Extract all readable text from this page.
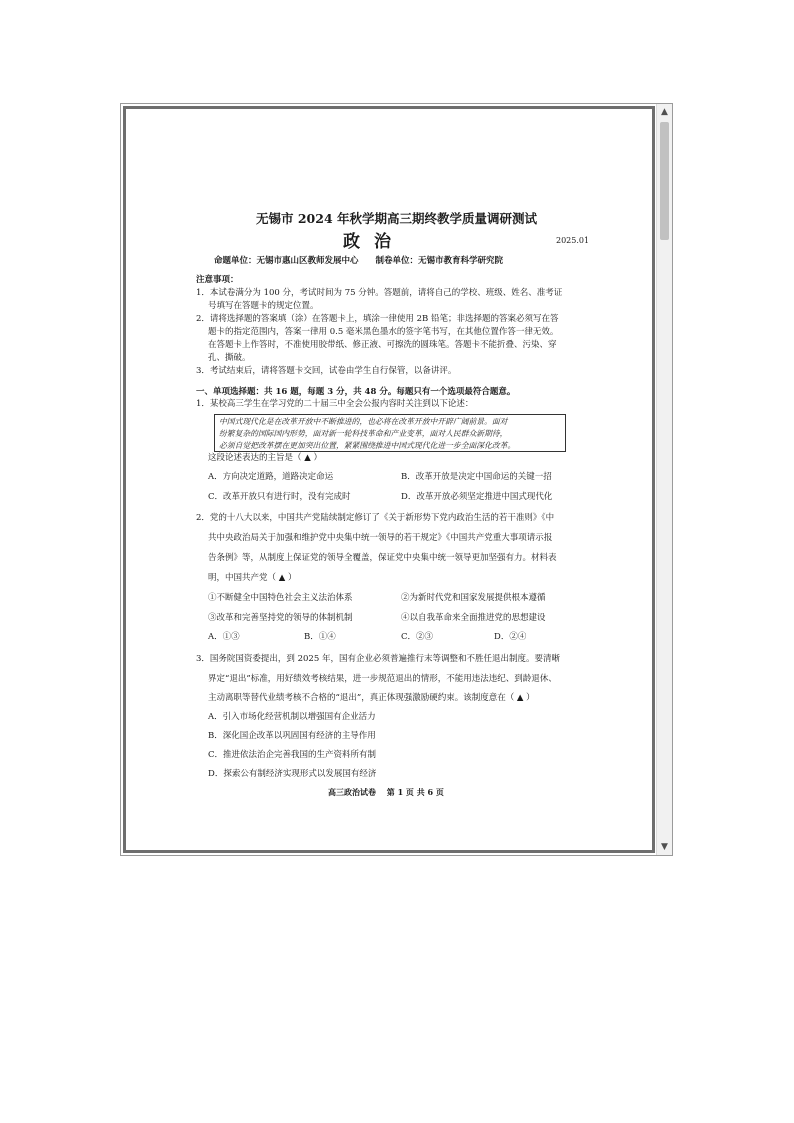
无锡市 2024 年秋学期高三期终教学质量调研测试
政治	2025.01
命题单位：无锡市惠山区教师发展中心　　制卷单位：无锡市教育科学研究院
注意事项：
1．本试卷满分为 100 分，考试时间为 75 分钟。答题前，请将自己的学校、班级、姓名、准考证
号填写在答题卡的规定位置。
2．请将选择题的答案填（涂）在答题卡上，填涂一律使用 2B 铅笔；非选择题的答案必须写在答
题卡的指定范围内，答案一律用 0.5 毫米黑色墨水的签字笔书写，在其他位置作答一律无效。
在答题卡上作答时，不准使用胶带纸、修正液、可擦洗的圆珠笔。答题卡不能折叠、污染、穿
孔、撕破。
3．考试结束后，请将答题卡交回，试卷由学生自行保管，以备讲评。
一、单项选择题：共 16 题，每题 3 分，共 48 分。每题只有一个选项最符合题意。
1．某校高三学生在学习党的二十届三中全会公报内容时关注到以下论述：
中国式现代化是在改革开放中不断推进的，也必将在改革开放中开辟广阔前景。面对
纷繁复杂的国际国内形势，面对新一轮科技革命和产业变革，面对人民群众新期待，
必须自觉把改革摆在更加突出位置，紧紧围绕推进中国式现代化进一步全面深化改革。
这段论述表达的主旨是（ ▲ ）
A．方向决定道路，道路决定命运	B．改革开放是决定中国命运的关键一招
C．改革开放只有进行时，没有完成时	D．改革开放必须坚定推进中国式现代化
2．党的十八大以来，中国共产党陆续制定修订了《关于新形势下党内政治生活的若干准则》《中
共中央政治局关于加强和维护党中央集中统一领导的若干规定》《中国共产党重大事项请示报
告条例》等，从制度上保证党的领导全覆盖，保证党中央集中统一领导更加坚强有力。材料表
明，中国共产党（ ▲ ）
①不断健全中国特色社会主义法治体系	②为新时代党和国家发展提供根本遵循
③改革和完善坚持党的领导的体制机制	④以自我革命来全面推进党的思想建设
A．①③	B．①④	C．②③	D．②④
3．国务院国资委提出，到 2025 年，国有企业必须普遍推行末等调整和不胜任退出制度。要清晰
界定“退出”标准，用好绩效考核结果，进一步规范退出的情形，不能用违法违纪、到龄退休、
主动离职等替代业绩考核不合格的“退出”，真正体现强激励硬约束。该制度意在（ ▲ ）
A．引入市场化经营机制以增强国有企业活力
B．深化国企改革以巩固国有经济的主导作用
C．推进依法治企完善我国的生产资料所有制
D．探索公有制经济实现形式以发展国有经济
高三政治试卷　 第 1 页 共 6 页
▲
▼
